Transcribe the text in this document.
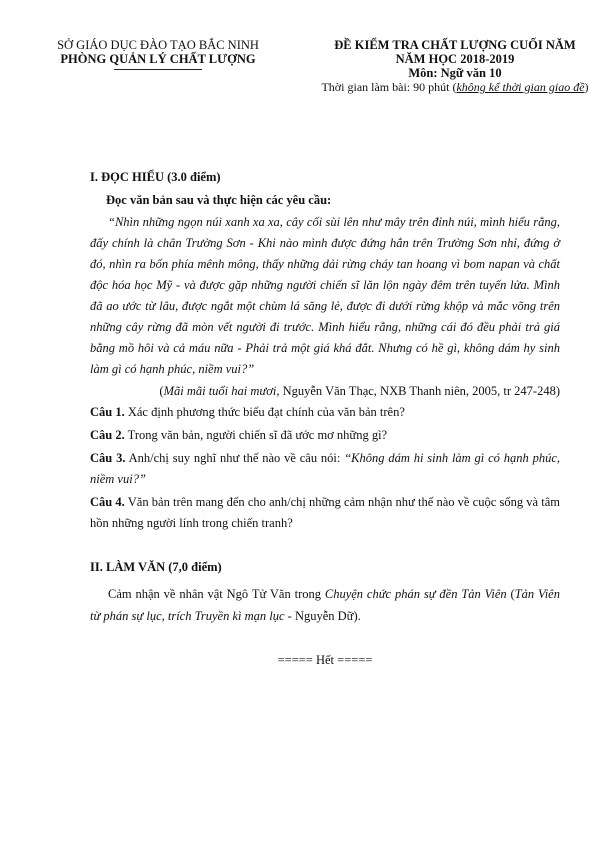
SỞ GIÁO DỤC ĐÀO TẠO BẮC NINH
PHÒNG QUẢN LÝ CHẤT LƯỢNG
ĐỀ KIỂM TRA CHẤT LƯỢNG CUỐI NĂM
NĂM HỌC 2018-2019
Môn: Ngữ văn 10
Thời gian làm bài: 90 phút (không kể thời gian giao đề)

I. ĐỌC HIỂU (3.0 điểm)

Đọc văn bản sau và thực hiện các yêu cầu:

“Nhìn những ngọn núi xanh xa xa, cây cối sùi lên như mây trên đỉnh núi, mình hiểu rằng, đấy chính là chân Trường Sơn - Khi nào mình được đứng hẳn trên Trường Sơn nhỉ, đứng ở đó, nhìn ra bốn phía mênh mông, thấy những dải rừng cháy tan hoang vì bom napan và chất độc hóa học Mỹ - và được gặp những người chiến sĩ lăn lộn ngày đêm trên tuyến lửa. Mình đã ao ước từ lâu, được ngắt một chùm lá săng lẻ, được đi dưới rừng khộp và mắc võng trên những cây rừng đã mòn vết người đi trước. Mình hiểu rằng, những cái đó đều phải trả giá bằng mồ hôi và cả máu nữa - Phải trả một giá khá đắt. Nhưng có hề gì, không dám hy sinh làm gì có hạnh phúc, niềm vui?”

(Mãi mãi tuổi hai mươi, Nguyễn Văn Thạc, NXB Thanh niên, 2005, tr 247-248)

Câu 1. Xác định phương thức biểu đạt chính của văn bản trên?

Câu 2. Trong văn bản, người chiến sĩ đã ước mơ những gì?

Câu 3. Anh/chị suy nghĩ như thế nào về câu nói: “Không dám hi sinh làm gì có hạnh phúc, niềm vui?”

Câu 4. Văn bản trên mang đến cho anh/chị những cảm nhận như thế nào về cuộc sống và tâm hồn những người lính trong chiến tranh?

II. LÀM VĂN (7,0 điểm)

Cảm nhận về nhân vật Ngô Tử Văn trong Chuyện chức phán sự đền Tản Viên (Tản Viên từ phán sự lục, trích Truyền kì mạn lục - Nguyễn Dữ).

===== Hết =====
